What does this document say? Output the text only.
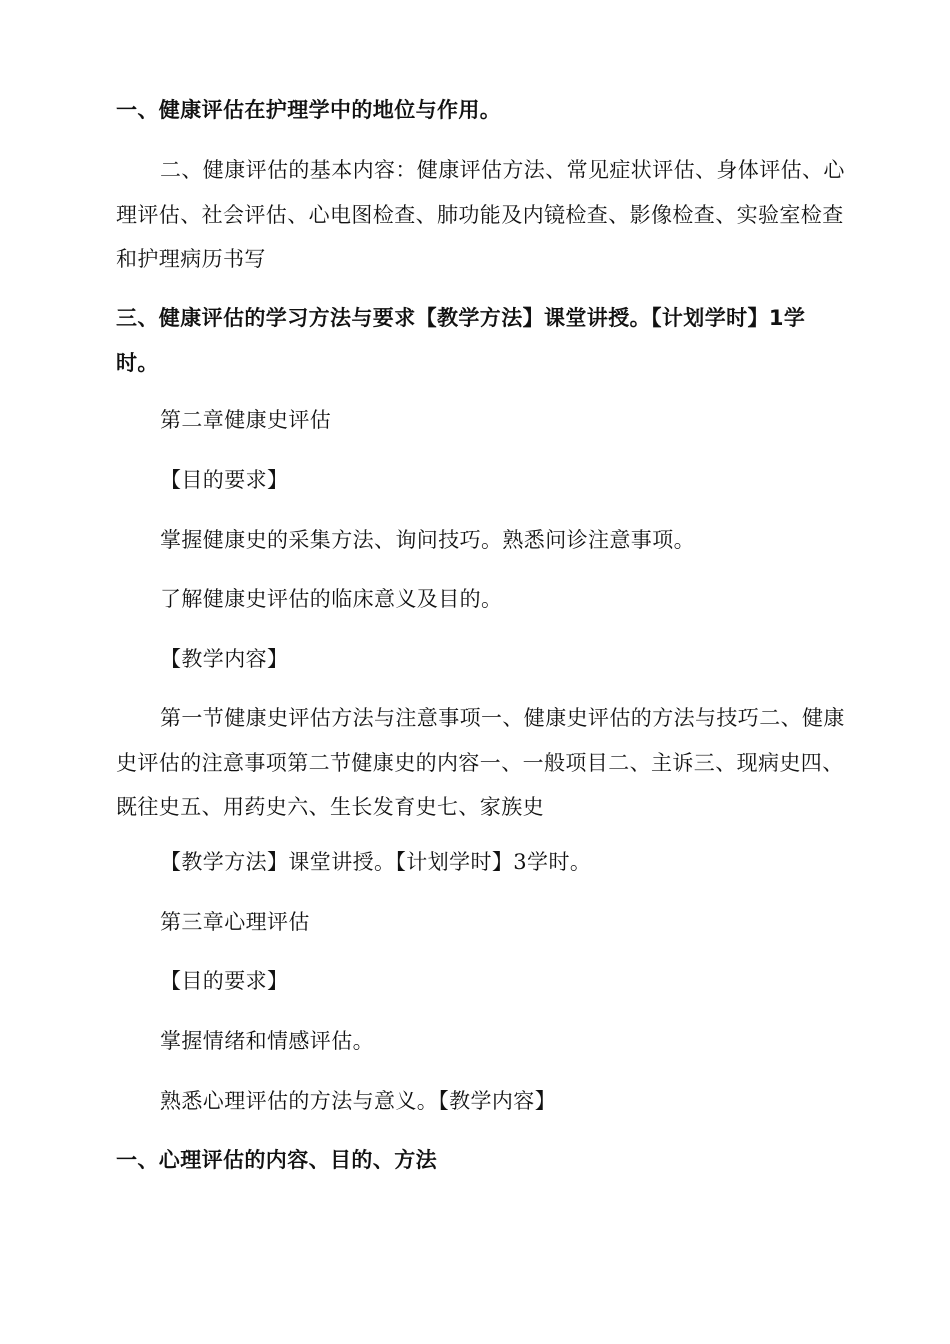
一、健康评估在护理学中的地位与作用。

二、健康评估的基本内容：健康评估方法、常见症状评估、身体评估、心理评估、社会评估、心电图检查、肺功能及内镜检查、影像检查、实验室检查和护理病历书写

三、健康评估的学习方法与要求【教学方法】课堂讲授。【计划学时】1学时。

第二章健康史评估

【目的要求】

掌握健康史的采集方法、询问技巧。熟悉问诊注意事项。

了解健康史评估的临床意义及目的。

【教学内容】

第一节健康史评估方法与注意事项一、健康史评估的方法与技巧二、健康史评估的注意事项第二节健康史的内容一、一般项目二、主诉三、现病史四、既往史五、用药史六、生长发育史七、家族史

【教学方法】课堂讲授。【计划学时】3学时。

第三章心理评估

【目的要求】

掌握情绪和情感评估。

熟悉心理评估的方法与意义。【教学内容】

一、心理评估的内容、目的、方法
